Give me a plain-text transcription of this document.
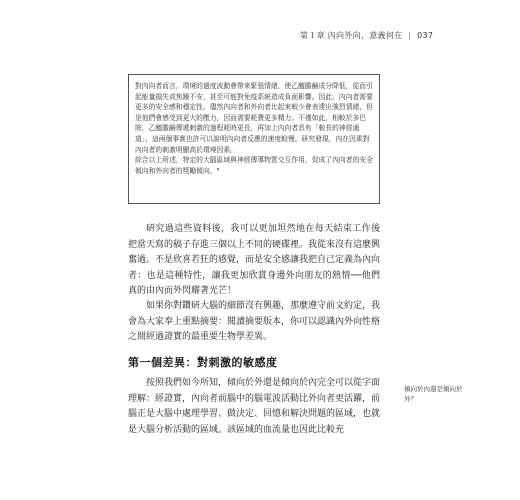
第１章 內向外向，意義何在 | 037

對內向者而言，環境的過度波動會帶來緊張情緒，使乙醯膽鹼成分降低，從而引起能量損失或焦躁不安，甚至可能對免疫系統造成負面影響。因此，內向者需要更多的安全感和穩定性。儘然內向者和外向者比起來較少會表達出強烈情緒，但是他們會感受到更大的壓力，因而需要耗費更多精力。不僅如此，相較於多巴胺，乙醯膽鹼傳遞刺激的過程耗時更長，再加上內向者具有「較長的神經通道」，這兩個事實也許可以說明內向者反應的速度較慢。研究發現，內在因素對內向者的刺激明顯高於環境因素。

綜合以上所述，特定的大腦區域與神經傳導物質交互作用，促成了內向者的安全傾向和外向者的獎勵傾向。⁸

研究過這些資料後，我可以更加坦然地在每天結束工作後把當天寫的稿子存進三個以上不同的硬碟裡。我從來沒有這麼興奮過。不是欣喜若狂的感覺，而是安全感讓我把自己定義為內向者：也是這種特性，讓我更加欣賞身邊外向朋友的熱情──他們真的由內而外閃耀著光芒！

如果你對鑽研大腦的細節沒有興趣，那麼遵守前文約定，我會為大家奉上重點摘要：閱讀摘要版本，你可以認識內外向性格之間經過證實的最重要生物學差異。

第一個差異：對刺激的敏感度

按照我們如今所知，傾向於外還是傾向於內完全可以從字面理解：經證實，內向者前腦中的腦電波活動比外向者更活躍，前腦正是大腦中處理學習、做決定、回憶和解決問題的區域，也就是大腦分析活動的區域。該區域的血流量也因此比較充

傾向於內還是傾向於外？
